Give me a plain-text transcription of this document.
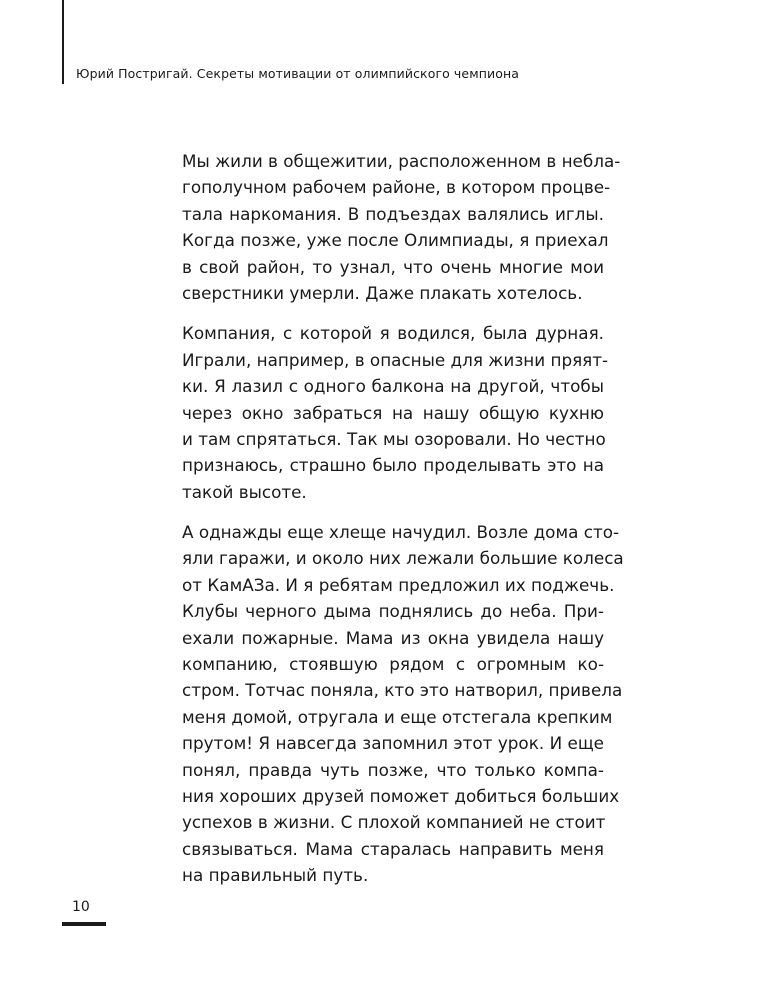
Юрий Постригай. Секреты мотивации от олимпийского чемпиона

Мы жили в общежитии, расположенном в небла-
гополучном рабочем районе, в котором процве-
тала наркомания. В подъездах валялись иглы.
Когда позже, уже после Олимпиады, я приехал
в свой район, то узнал, что очень многие мои
сверстники умерли. Даже плакать хотелось.

Компания, с которой я водился, была дурная.
Играли, например, в опасные для жизни пряят-
ки. Я лазил с одного балкона на другой, чтобы
через окно забраться на нашу общую кухню
и там спрятаться. Так мы озоровали. Но честно
признаюсь, страшно было проделывать это на
такой высоте.

А однажды еще хлеще начудил. Возле дома сто-
яли гаражи, и около них лежали большие колеса
от КамАЗа. И я ребятам предложил их поджечь.
Клубы черного дыма поднялись до неба. При-
ехали пожарные. Мама из окна увидела нашу
компанию, стоявшую рядом с огромным ко-
стром. Тотчас поняла, кто это натворил, привела
меня домой, отругала и еще отстегала крепким
прутом! Я навсегда запомнил этот урок. И еще
понял, правда чуть позже, что только компа-
ния хороших друзей поможет добиться больших
успехов в жизни. С плохой компанией не стоит
связываться. Мама старалась направить меня
на правильный путь.

10
